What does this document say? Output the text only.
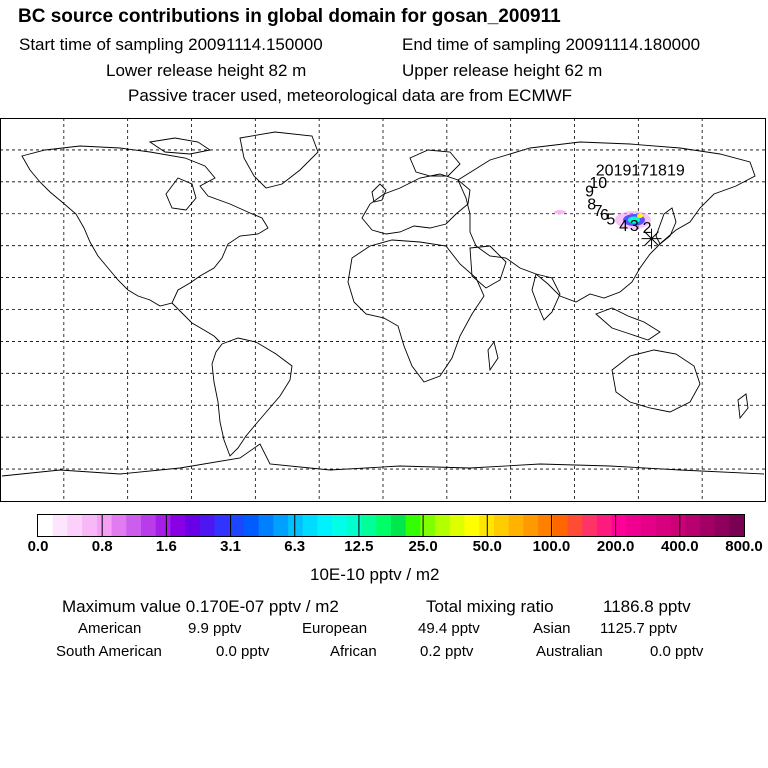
BC source contributions in global domain for gosan_200911
Start time of sampling 20091114.150000	End time of sampling 20091114.180000
Lower release height 82 m	Upper release height 62 m
Passive tracer used, meteorological data are from ECMWF
2
3
4
5
6
7
8
9
10
2019171819
0.0	0.8	1.6	3.1	6.3	12.5 25.0 50.0 100.0 200.0 400.0 800.0
10E-10 pptv / m2
Maximum value 0.170E-07 pptv / m2	Total mixing ratio	1186.8 pptv
American	9.9 pptv	European	49.4 pptv	Asian 1125.7 pptv
South American	0.0 pptv	African	0.2 pptv	Australian	0.0 pptv
